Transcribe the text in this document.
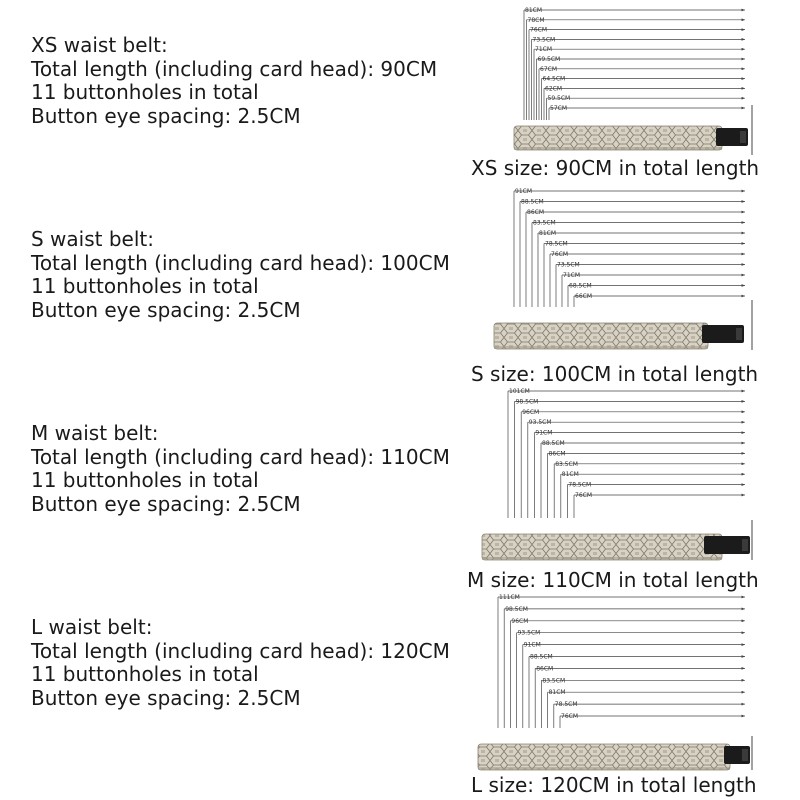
XS waist belt:
Total length (including card head): 90CM
11 buttonholes in total
Button eye spacing: 2.5CM
81CM
78CM
76CM
73.5CM
71CM
69.5CM
67CM
64.5CM
62CM
59.5CM
57CM
XS size: 90CM in total length
S waist belt:
Total length (including card head): 100CM
11 buttonholes in total
Button eye spacing: 2.5CM
91CM
88.5CM
86CM
83.5CM
81CM
78.5CM
76CM
73.5CM
71CM
68.5CM
66CM
S size: 100CM in total length
M waist belt:
Total length (including card head): 110CM
11 buttonholes in total
Button eye spacing: 2.5CM
101CM
98.5CM
96CM
93.5CM
91CM
88.5CM
86CM
83.5CM
81CM
78.5CM
76CM
M size: 110CM in total length
L waist belt:
Total length (including card head): 120CM
11 buttonholes in total
Button eye spacing: 2.5CM
111CM
98.5CM
96CM
93.5CM
91CM
88.5CM
86CM
83.5CM
81CM
78.5CM
76CM
L size: 120CM in total length
